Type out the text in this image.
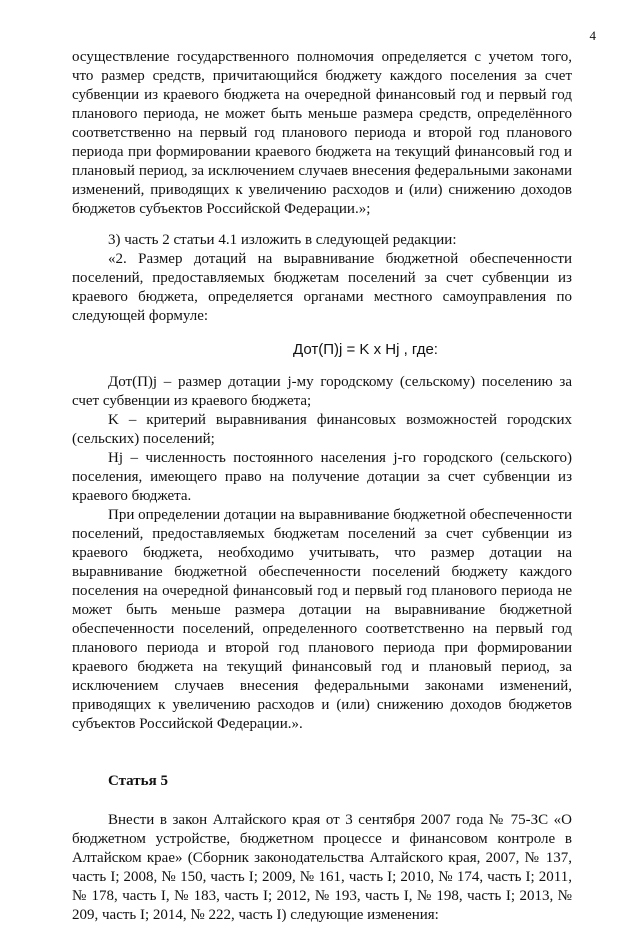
4

осуществление государственного полномочия определяется с учетом того, что размер средств, причитающийся бюджету каждого поселения за счет субвенции из краевого бюджета на очередной финансовый год и первый год планового периода, не может быть меньше размера средств, определённого соответственно на первый год планового периода и второй год планового периода при формировании краевого бюджета на текущий финансовый год и плановый период, за исключением случаев внесения федеральными законами изменений, приводящих к увеличению расходов и (или) снижению доходов бюджетов субъектов Российской Федерации.»;

3) часть 2 статьи 4.1 изложить в следующей редакции:

«2. Размер дотаций на выравнивание бюджетной обеспеченности поселений, предоставляемых бюджетам поселений за счет субвенции из краевого бюджета, определяется органами местного самоуправления по следующей формуле:

Дот(П)j = K x Hj , где:

Дот(П)j – размер дотации j-му городскому (сельскому) поселению за счет субвенции из краевого бюджета;

K – критерий выравнивания финансовых возможностей городских (сельских) поселений;

Hj – численность постоянного населения j-го городского (сельского) поселения, имеющего право на получение дотации за счет субвенции из краевого бюджета.

При определении дотации на выравнивание бюджетной обеспеченности поселений, предоставляемых бюджетам поселений за счет субвенции из краевого бюджета, необходимо учитывать, что размер дотации на выравнивание бюджетной обеспеченности поселений бюджету каждого поселения на очередной финансовый год и первый год планового периода не может быть меньше размера дотации на выравнивание бюджетной обеспеченности поселений, определенного соответственно на первый год планового периода и второй год планового периода при формировании краевого бюджета на текущий финансовый год и плановый период, за исключением случаев внесения федеральными законами изменений, приводящих к увеличению расходов и (или) снижению доходов бюджетов субъектов Российской Федерации.».

Статья 5

Внести в закон Алтайского края от 3 сентября 2007 года № 75-ЗС «О бюджетном устройстве, бюджетном процессе и финансовом контроле в Алтайском крае» (Сборник законодательства Алтайского края, 2007, № 137, часть I; 2008, № 150, часть I; 2009, № 161, часть I; 2010, № 174, часть I; 2011, № 178, часть I, № 183, часть I; 2012, № 193, часть I, № 198, часть I; 2013, № 209, часть I; 2014, № 222, часть I) следующие изменения:
